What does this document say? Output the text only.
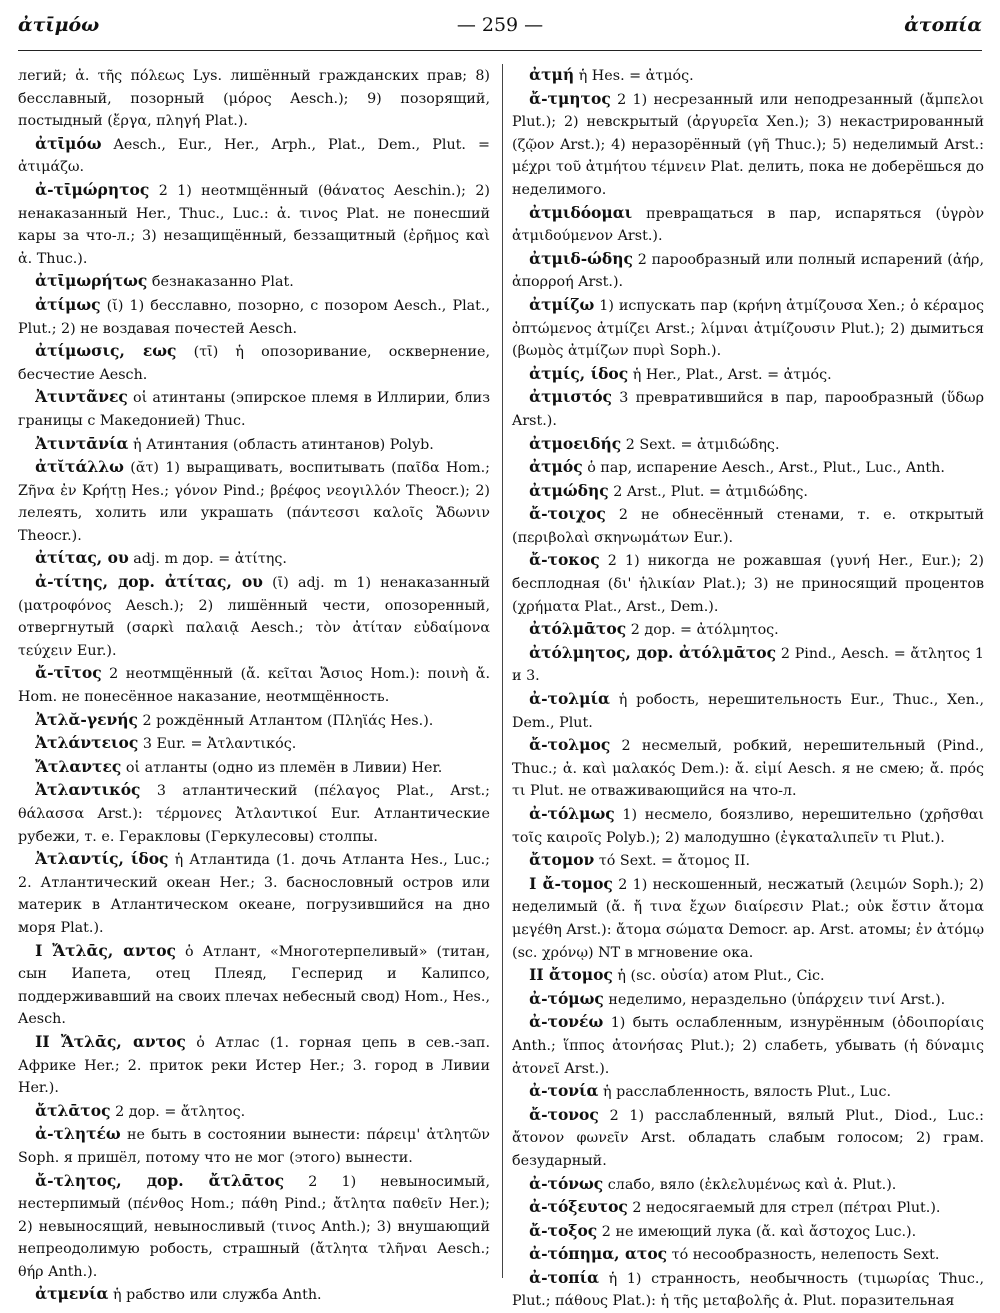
ἀτῑμόω	— 259 —	ἀτοπία

легий; ἀ. τῆς πόλεως Lys. лишённый гражданских прав; 8) бесславный, позорный (μόρος Aesch.); 9) позорящий, постыдный (ἔργα, πληγή Plat.).

ἀτῑμόω Aesch., Eur., Her., Arph., Plat., Dem., Plut. = ἀτιμάζω.

ἀ-τῑμώρητος 2 1) неотмщённый (θάνατος Aeschin.); 2) ненаказанный Her., Thuc., Luc.: ἀ. τινος Plat. не понесший кары за что-л.; 3) незащищённый, беззащитный (ἐρῆμος καὶ ἀ. Thuc.).

ἀτῑμωρήτως безнаказанно Plat.

ἀτίμως (ῐ) 1) бесславно, позорно, с позором Aesch., Plat., Plut.; 2) не воздавая почестей Aesch.

ἀτίμωσις, εως (τῑ) ἡ опозоривание, осквернение, бесчестие Aesch.

Ἀτιντᾶνες οἱ атинтаны (эпирское племя в Иллирии, близ границы с Македонией) Thuc.

Ἀτιντᾱνία ἡ Атинтания (область атинтанов) Polyb.

ἀτῐτάλλω (ᾰτ) 1) выращивать, воспитывать (παῖδα Hom.; Ζῆνα ἐν Κρήτῃ Hes.; γόνον Pind.; βρέφος νεογιλλόν Theocr.); 2) лелеять, холить или украшать (πάντεσσι καλοῖς Ἄδωνιν Theocr.).

ἀτίτας, ου adj. m дор. = ἀτίτης.

ἀ-τίτης, дор. ἀτίτας, ου (ῑ) adj. m 1) ненаказанный (ματροφόνος Aesch.); 2) лишённый чести, опозоренный, отвергнутый (σαρκὶ παλαιᾷ Aesch.; τὸν ἀτίταν εὐδαίμονα τεύχειν Eur.).

ἄ-τῑτος 2 неотмщённый (ἄ. κεῖται Ἄσιος Hom.): ποινὴ ἄ. Hom. не понесённое наказание, неотмщённость.

Ἀτλᾰ-γενής 2 рождённый Атлантом (Πληϊάς Hes.).

Ἀτλάντειος 3 Eur. = Ἀτλαντικός.

Ἄτλαντες οἱ атланты (одно из племён в Ливии) Her.

Ἀτλαντικός 3 атлантический (πέλαγος Plat., Arst.; θάλασσα Arst.): τέρμονες Ἀτλαντικοί Eur. Атлантические рубежи, т. е. Геракловы (Геркулесовы) столпы.

Ἀτλαντίς, ίδος ἡ Атлантида (1. дочь Атланта Hes., Luc.; 2. Атлантический океан Her.; 3. баснословный остров или материк в Атлантическом океане, погрузившийся на дно моря Plat.).

I Ἄτλᾱς, αντος ὁ Атлант, «Многотерпеливый» (титан, сын Иапета, отец Плеяд, Гесперид и Калипсо, поддерживавший на своих плечах небесный свод) Hom., Hes., Aesch.

II Ἄτλᾱς, αντος ὁ Атлас (1. горная цепь в сев.-зап. Африке Her.; 2. приток реки Истер Her.; 3. город в Ливии Her.).

ἄτλᾱτος 2 дор. = ἄτλητος.

ἀ-τλητέω не быть в состоянии вынести: πάρειμ' ἀτλητῶν Soph. я пришёл, потому что не мог (этого) вынести.

ἄ-τλητος, дор. ἄτλᾱτος 2 1) невыносимый, нестерпимый (πένθος Hom.; πάθη Pind.; ἄτλητα παθεῖν Her.); 2) невыносящий, невыносливый (τινος Anth.); 3) внушающий непреодолимую робость, страшный (ἄτλητα τλῆναι Aesch.; θήρ Anth.).

ἀτμενία ἡ рабство или служба Anth.

ἀτμή ἡ Hes. = ἀτμός.

ἄ-τμητος 2 1) несрезанный или неподрезанный (ἄμπελοι Plut.); 2) невскрытый (ἀργυρεῖα Xen.); 3) некастрированный (ζῷον Arst.); 4) неразорённый (γῆ Thuc.); 5) неделимый Arst.: μέχρι τοῦ ἀτμήτου τέμνειν Plat. делить, пока не доберёшься до неделимого.

ἀτμιδόομαι превращаться в пар, испаряться (ὑγρὸν ἀτμιδούμενον Arst.).

ἀτμιδ-ώδης 2 парообразный или полный испарений (ἀήρ, ἀπορροή Arst.).

ἀτμίζω 1) испускать пар (κρήνη ἀτμίζουσα Xen.; ὁ κέραμος ὀπτώμενος ἀτμίζει Arst.; λίμναι ἀτμίζουσιν Plut.); 2) дымиться (βωμὸς ἀτμίζων πυρὶ Soph.).

ἀτμίς, ίδος ἡ Her., Plat., Arst. = ἀτμός.

ἀτμιστός 3 превратившийся в пар, парообразный (ὕδωρ Arst.).

ἀτμοειδής 2 Sext. = ἀτμιδώδης.

ἀτμός ὁ пар, испарение Aesch., Arst., Plut., Luc., Anth.

ἀτμώδης 2 Arst., Plut. = ἀτμιδώδης.

ἄ-τοιχος 2 не обнесённый стенами, т. е. открытый (περιβολαὶ σκηνωμάτων Eur.).

ἄ-τοκος 2 1) никогда не рожавшая (γυνή Her., Eur.); 2) бесплодная (δι' ἡλικίαν Plat.); 3) не приносящий процентов (χρήματα Plat., Arst., Dem.).

ἀτόλμᾱτος 2 дор. = ἀτόλμητος.

ἀτόλμητος, дор. ἀτόλμᾱτος 2 Pind., Aesch. = ἄτλητος 1 и 3.

ἀ-τολμία ἡ робость, нерешительность Eur., Thuc., Xen., Dem., Plut.

ἄ-τολμος 2 несмелый, робкий, нерешительный (Pind., Thuc.; ἀ. καὶ μαλακός Dem.): ἄ. εἰμί Aesch. я не смею; ἄ. πρός τι Plut. не отваживающийся на что-л.

ἀ-τόλμως 1) несмело, боязливо, нерешительно (χρῆσθαι τοῖς καιροῖς Polyb.); 2) малодушно (ἐγκαταλιπεῖν τι Plut.).

ἄτομον τό Sext. = ἄτομος II.

I ἄ-τομος 2 1) нескошенный, несжатый (λειμών Soph.); 2) неделимый (ἄ. ἤ τινα ἔχων διαίρεσιν Plat.; οὐκ ἔστιν ἄτομα μεγέθη Arst.): ἄτομα σώματα Democr. ap. Arst. атомы; ἐν ἀτόμῳ (sc. χρόνῳ) NT в мгновение ока.

II ἄτομος ἡ (sc. οὐσία) атом Plut., Cic.

ἀ-τόμως неделимо, нераздельно (ὑπάρχειν τινί Arst.).

ἀ-τονέω 1) быть ослабленным, изнурённым (ὁδοιπορίαις Anth.; ἵππος ἀτονήσας Plut.); 2) слабеть, убывать (ἡ δύναμις ἀτονεῖ Arst.).

ἀ-τονία ἡ расслабленность, вялость Plut., Luc.

ἄ-τονος 2 1) расслабленный, вялый Plut., Diod., Luc.: ἄτονον φωνεῖν Arst. обладать слабым голосом; 2) грам. безударный.

ἀ-τόνως слабо, вяло (ἐκλελυμένως καὶ ἀ. Plut.).

ἀ-τόξευτος 2 недосягаемый для стрел (πέτραι Plut.).

ἄ-τοξος 2 не имеющий лука (ἄ. καὶ ἄστοχος Luc.).

ἀ-τόπημα, ατος τό несообразность, нелепость Sext.

ἀ-τοπία ἡ 1) странность, необычность (τιμωρίας Thuc., Plut.; πάθους Plat.): ἡ τῆς μεταβολῆς ἀ. Plut. поразительная
